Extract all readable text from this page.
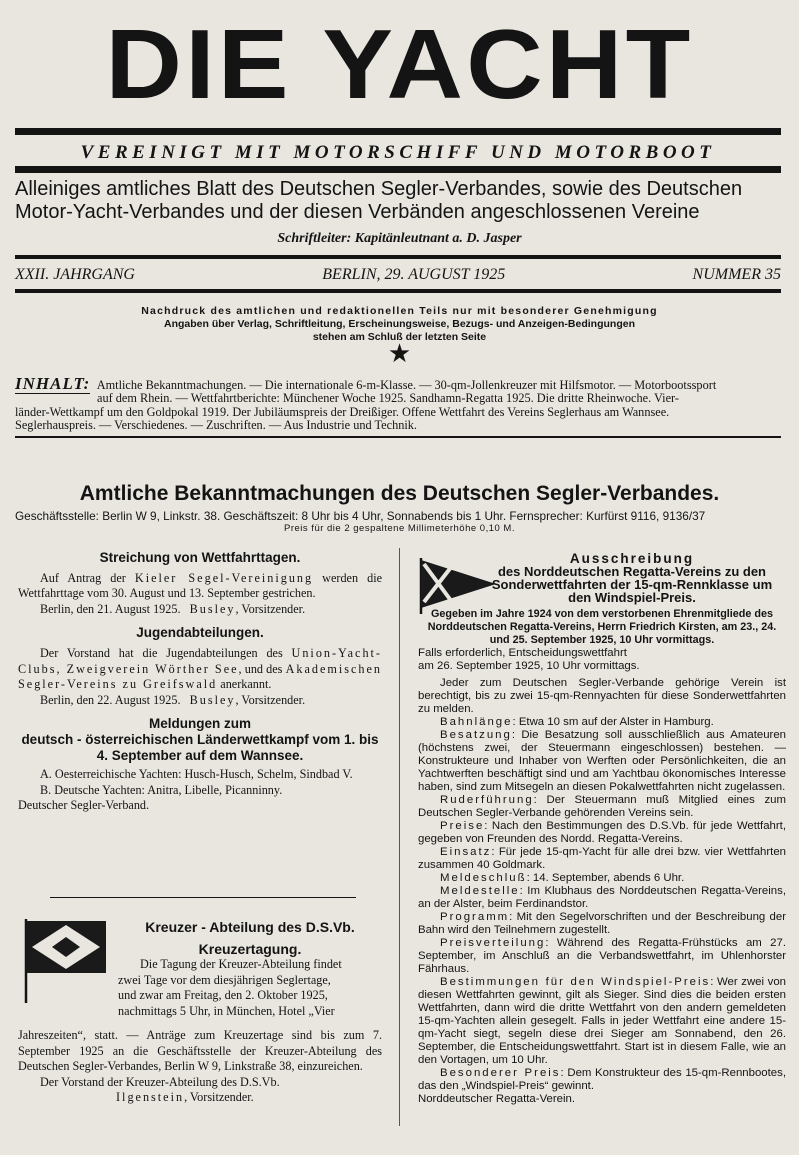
DIE YACHT
VEREINIGT MIT MOTORSCHIFF UND MOTORBOOT
Alleiniges amtliches Blatt des Deutschen Segler-Verbandes, sowie des Deutschen
Motor-Yacht-Verbandes und der diesen Verbänden angeschlossenen Vereine
Schriftleiter: Kapitänleutnant a. D. Jasper
XXII. JAHRGANG	BERLIN, 29. AUGUST 1925	NUMMER 35
Nachdruck des amtlichen und redaktionellen Teils nur mit besonderer Genehmigung
Angaben über Verlag, Schriftleitung, Erscheinungsweise, Bezugs- und Anzeigen-Bedingungen
stehen am Schluß der letzten Seite
★
INHALT: Amtliche Bekanntmachungen. — Die internationale 6-m-Klasse. — 30-qm-Jollenkreuzer mit Hilfsmotor. — Motorbootssport
auf dem Rhein. — Wettfahrtberichte: Münchener Woche 1925. Sandhamn-Regatta 1925. Die dritte Rheinwoche. Vier-
länder-Wettkampf um den Goldpokal 1919. Der Jubiläumspreis der Dreißiger. Offene Wettfahrt des Vereins Seglerhaus am Wannsee.
Seglerhauspreis. — Verschiedenes. — Zuschriften. — Aus Industrie und Technik.
Amtliche Bekanntmachungen des Deutschen Segler-Verbandes.
Geschäftsstelle: Berlin W 9, Linkstr. 38. Geschäftszeit: 8 Uhr bis 4 Uhr, Sonnabends bis 1 Uhr. Fernsprecher: Kurfürst 9116, 9136/37
Preis für die 2 gespaltene Millimeterhöhe 0,10 M.
Streichung von Wettfahrttagen.

Auf Antrag der Kieler Segel-Vereinigung werden die Wettfahrttage vom 30. August und 13. September gestrichen.

Berlin, den 21. August 1925. Busley, Vorsitzender.

Jugendabteilungen.

Der Vorstand hat die Jugendabteilungen des Union-Yacht-Clubs, Zweigverein Wörther See, und des Akademischen Segler-Vereins zu Greifswald anerkannt.

Berlin, den 22. August 1925. Busley, Vorsitzender.

Meldungen zum
deutsch - österreichischen Länderwettkampf vom 1. bis
4. September auf dem Wannsee.

A. Oesterreichische Yachten: Husch-Husch, Schelm, Sindbad V.

B. Deutsche Yachten: Anitra, Libelle, Picanninny.

Deutscher Segler-Verband.

Kreuzer - Abteilung des D.S.Vb.
Kreuzertagung.

Die Tagung der Kreuzer-Abteilung findet

zwei Tage vor dem diesjährigen Seglertage,

und zwar am Freitag, den 2. Oktober 1925,

nachmittags 5 Uhr, in München, Hotel „Vier

Jahreszeiten“, statt. — Anträge zum Kreuzertage sind bis zum 7. September 1925 an die Geschäftsstelle der Kreuzer-Abteilung des Deutschen Segler-Verbandes, Berlin W 9, Linkstraße 38, einzureichen.

Der Vorstand der Kreuzer-Abteilung des D.S.Vb.

Ilgenstein, Vorsitzender.

Ausschreibung
des Norddeutschen Regatta-Vereins zu den
Sonderwettfahrten der 15-qm-Rennklasse um
den Windspiel-Preis.

Gegeben im Jahre 1924 von dem verstorbenen Ehrenmitgliede des Norddeutschen Regatta-Vereins, Herrn Friedrich Kirsten, am 23., 24. und 25. September 1925, 10 Uhr vormittags.

Falls erforderlich, Entscheidungswettfahrt

am 26. September 1925, 10 Uhr vormittags.

Jeder zum Deutschen Segler-Verbande gehörige Verein ist berechtigt, bis zu zwei 15-qm-Rennyachten für diese Sonderwettfahrten zu melden.

Bahnlänge: Etwa 10 sm auf der Alster in Hamburg.

Besatzung: Die Besatzung soll ausschließlich aus Amateuren (höchstens zwei, der Steuermann eingeschlossen) bestehen. — Konstrukteure und Inhaber von Werften oder Persönlichkeiten, die an Yachtwerften beschäftigt sind und am Yachtbau ökonomisches Interesse haben, sind zum Mitsegeln an diesen Pokalwettfahrten nicht zugelassen.

Ruderführung: Der Steuermann muß Mitglied eines zum Deutschen Segler-Verbande gehörenden Vereins sein.

Preise: Nach den Bestimmungen des D.S.Vb. für jede Wettfahrt, gegeben von Freunden des Nordd. Regatta-Vereins.

Einsatz: Für jede 15-qm-Yacht für alle drei bzw. vier Wettfahrten zusammen 40 Goldmark.

Meldeschluß: 14. September, abends 6 Uhr.

Meldestelle: Im Klubhaus des Norddeutschen Regatta-Vereins, an der Alster, beim Ferdinandstor.

Programm: Mit den Segelvorschriften und der Beschreibung der Bahn wird den Teilnehmern zugestellt.

Preisverteilung: Während des Regatta-Frühstücks am 27. September, im Anschluß an die Verbandswettfahrt, im Uhlenhorster Fährhaus.

Bestimmungen für den Windspiel-Preis: Wer zwei von diesen Wettfahrten gewinnt, gilt als Sieger. Sind dies die beiden ersten Wettfahrten, dann wird die dritte Wettfahrt von den andern gemeldeten 15-qm-Yachten allein gesegelt. Falls in jeder Wettfahrt eine andere 15-qm-Yacht siegt, segeln diese drei Sieger am Sonnabend, den 26. September, die Entscheidungswettfahrt. Start ist in diesem Falle, wie an den Vortagen, um 10 Uhr.

Besonderer Preis: Dem Konstrukteur des 15-qm-Rennbootes, das den „Windspiel-Preis“ gewinnt.

Norddeutscher Regatta-Verein.
